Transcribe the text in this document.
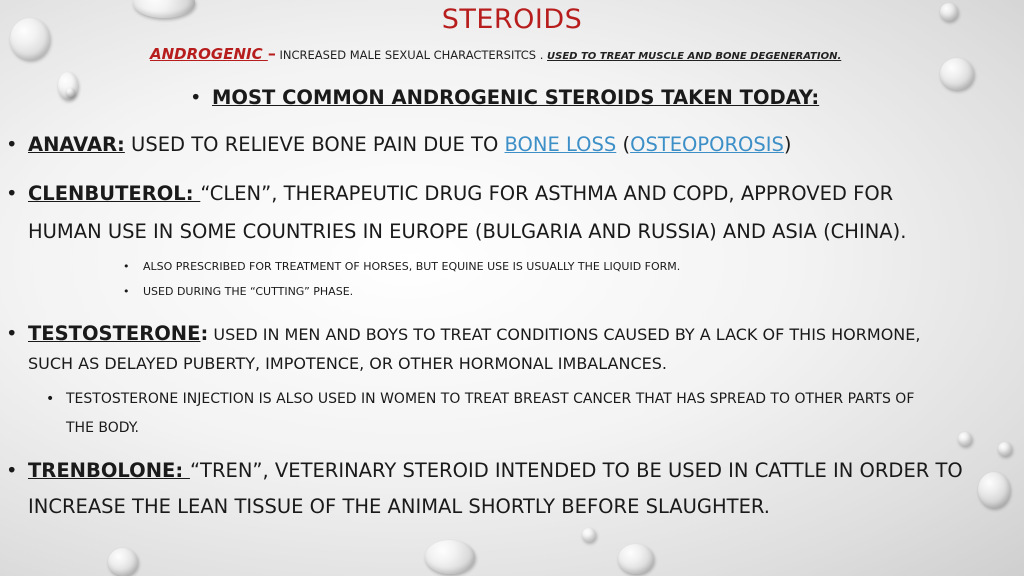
STEROIDS
ANDROGENIC – INCREASED MALE SEXUAL CHARACTERSITCS . USED TO TREAT MUSCLE AND BONE DEGENERATION.
• MOST COMMON ANDROGENIC STEROIDS TAKEN TODAY:
• ANAVAR: USED TO RELIEVE BONE PAIN DUE TO BONE LOSS (OSTEOPOROSIS)
• CLENBUTEROL: “CLEN”, THERAPEUTIC DRUG FOR ASTHMA AND COPD, APPROVED FOR
HUMAN USE IN SOME COUNTRIES IN EUROPE (BULGARIA AND RUSSIA) AND ASIA (CHINA).
• ALSO PRESCRIBED FOR TREATMENT OF HORSES, BUT EQUINE USE IS USUALLY THE LIQUID FORM.
• USED DURING THE “CUTTING” PHASE.
• TESTOSTERONE: USED IN MEN AND BOYS TO TREAT CONDITIONS CAUSED BY A LACK OF THIS HORMONE,
SUCH AS DELAYED PUBERTY, IMPOTENCE, OR OTHER HORMONAL IMBALANCES.
• TESTOSTERONE INJECTION IS ALSO USED IN WOMEN TO TREAT BREAST CANCER THAT HAS SPREAD TO OTHER PARTS OF
THE BODY.
• TRENBOLONE: “TREN”, VETERINARY STEROID INTENDED TO BE USED IN CATTLE IN ORDER TO
INCREASE THE LEAN TISSUE OF THE ANIMAL SHORTLY BEFORE SLAUGHTER.
